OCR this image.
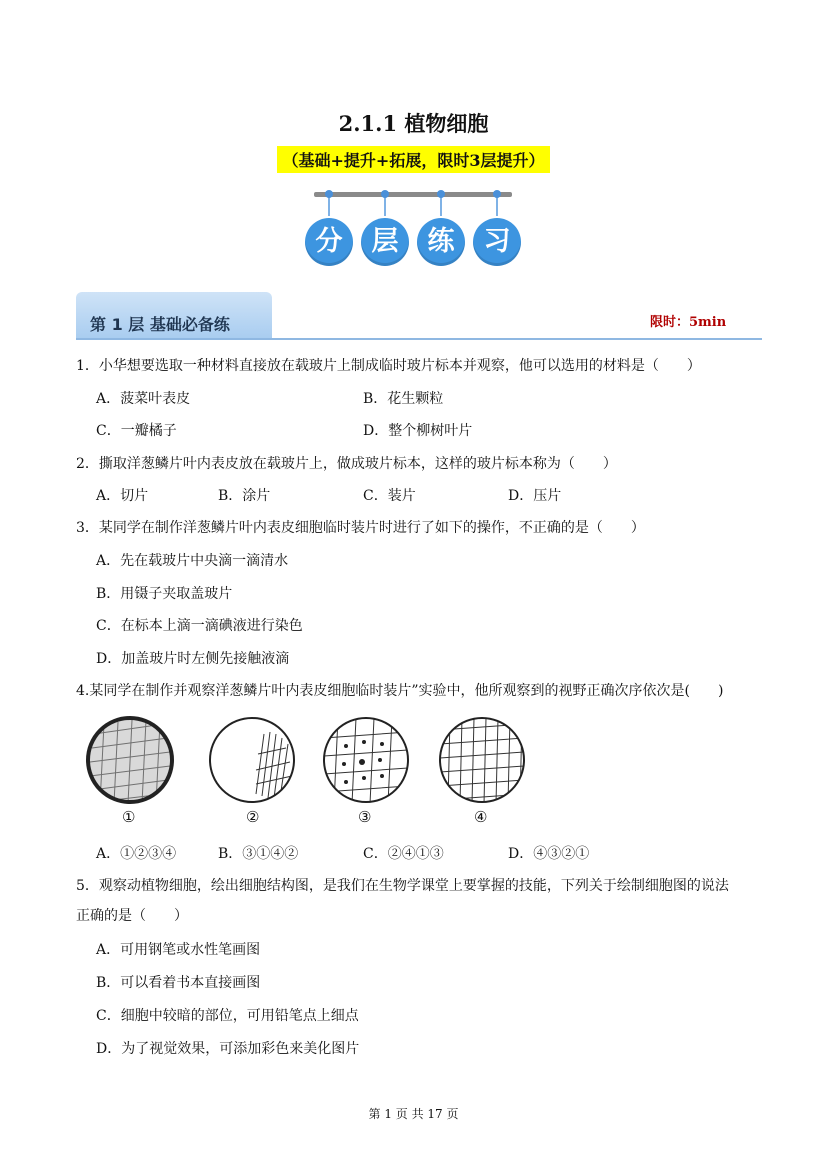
2.1.1 植物细胞
（基础+提升+拓展，限时3层提升）
分	层	练	习
第 1 层 基础必备练	限时：5min
1．小华想要选取一种材料直接放在载玻片上制成临时玻片标本并观察，他可以选用的材料是（　　）
A．菠菜叶表皮	B．花生颗粒
C．一瓣橘子	D．整个柳树叶片
2．撕取洋葱鳞片叶内表皮放在载玻片上，做成玻片标本，这样的玻片标本称为（　　）
A．切片	B．涂片	C．装片	D．压片
3．某同学在制作洋葱鳞片叶内表皮细胞临时装片时进行了如下的操作，不正确的是（　　）
A．先在载玻片中央滴一滴清水
B．用镊子夹取盖玻片
C．在标本上滴一滴碘液进行染色
D．加盖玻片时左侧先接触液滴
4.某同学在制作并观察洋葱鳞片叶内表皮细胞临时装片”实验中，他所观察到的视野正确次序依次是(　　)
①	②	③	④
A．①②③④	B．③①④②	C．②④①③	D．④③②①
5．观察动植物细胞，绘出细胞结构图，是我们在生物学课堂上要掌握的技能，下列关于绘制细胞图的说法
正确的是（　　）
A．可用钢笔或水性笔画图
B．可以看着书本直接画图
C．细胞中较暗的部位，可用铅笔点上细点
D．为了视觉效果，可添加彩色来美化图片
第 1 页 共 17 页
